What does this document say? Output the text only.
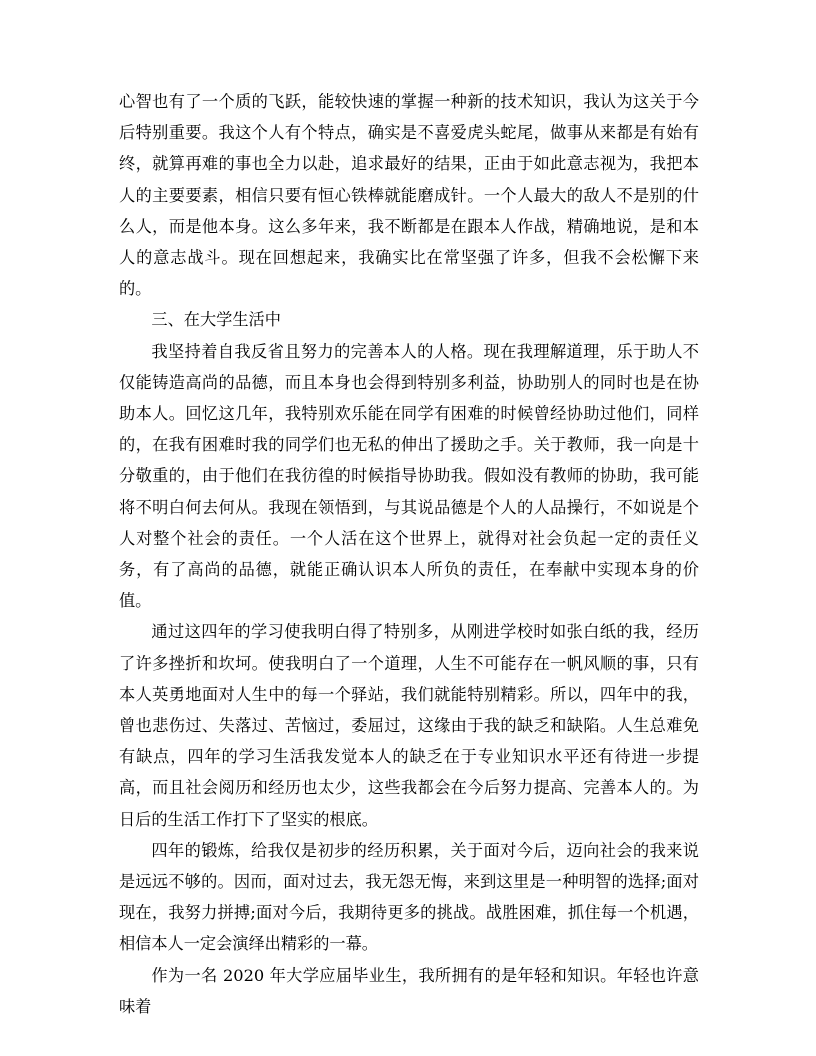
心智也有了一个质的飞跃，能较快速的掌握一种新的技术知识，我认为这关于今后特别重要。我这个人有个特点，确实是不喜爱虎头蛇尾，做事从来都是有始有终，就算再难的事也全力以赴，追求最好的结果，正由于如此意志视为，我把本人的主要要素，相信只要有恒心铁棒就能磨成针。一个人最大的敌人不是别的什么人，而是他本身。这么多年来，我不断都是在跟本人作战，精确地说，是和本人的意志战斗。现在回想起来，我确实比在常坚强了许多，但我不会松懈下来的。

三、在大学生活中

我坚持着自我反省且努力的完善本人的人格。现在我理解道理，乐于助人不仅能铸造高尚的品德，而且本身也会得到特别多利益，协助别人的同时也是在协助本人。回忆这几年，我特别欢乐能在同学有困难的时候曾经协助过他们，同样的，在我有困难时我的同学们也无私的伸出了援助之手。关于教师，我一向是十分敬重的，由于他们在我彷徨的时候指导协助我。假如没有教师的协助，我可能将不明白何去何从。我现在领悟到，与其说品德是个人的人品操行，不如说是个人对整个社会的责任。一个人活在这个世界上，就得对社会负起一定的责任义务，有了高尚的品德，就能正确认识本人所负的责任，在奉献中实现本身的价值。

通过这四年的学习使我明白得了特别多，从刚进学校时如张白纸的我，经历了许多挫折和坎坷。使我明白了一个道理，人生不可能存在一帆风顺的事，只有本人英勇地面对人生中的每一个驿站，我们就能特别精彩。所以，四年中的我，曾也悲伤过、失落过、苦恼过，委屈过，这缘由于我的缺乏和缺陷。人生总难免有缺点，四年的学习生活我发觉本人的缺乏在于专业知识水平还有待进一步提高，而且社会阅历和经历也太少，这些我都会在今后努力提高、完善本人的。为日后的生活工作打下了坚实的根底。

四年的锻炼，给我仅是初步的经历积累，关于面对今后，迈向社会的我来说是远远不够的。因而，面对过去，我无怨无悔，来到这里是一种明智的选择;面对现在，我努力拼搏;面对今后，我期待更多的挑战。战胜困难，抓住每一个机遇，相信本人一定会演绎出精彩的一幕。

作为一名 2020 年大学应届毕业生，我所拥有的是年轻和知识。年轻也许意味着
